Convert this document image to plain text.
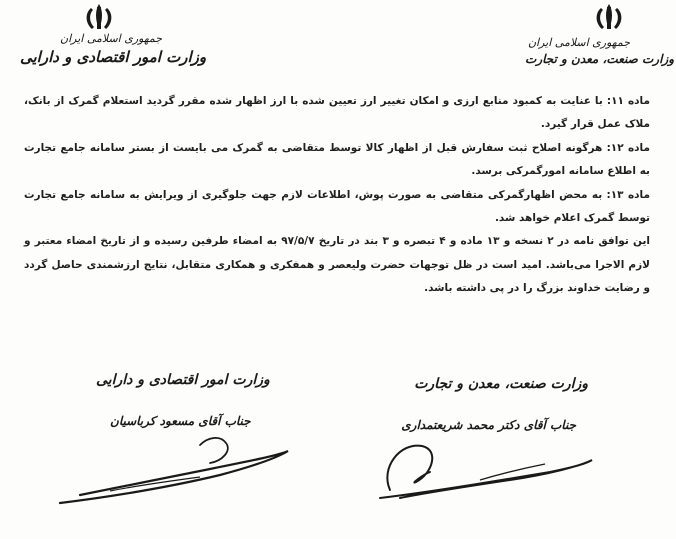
جمهوری اسلامی ایران
وزارت امور اقتصادی و دارایی
جمهوری اسلامی ایران
وزارت صنعت، معدن و تجارت

ماده ۱۱: با عنایت به کمبود منابع ارزی و امکان تغییر ارز تعیین شده با ارز اظهار شده مقرر گردید استعلام گمرک از بانک، ملاک عمل قرار گیرد.

ماده ۱۲: هرگونه اصلاح ثبت سفارش قبل از اظهار کالا توسط متقاضی به گمرک می بایست از بستر سامانه جامع تجارت به اطلاع سامانه امورگمرکی برسد.

ماده ۱۳: به محض اظهارگمرکی متقاضی به صورت پوش، اطلاعات لازم جهت جلوگیری از ویرایش به سامانه جامع تجارت توسط گمرک اعلام خواهد شد.

این توافق نامه در ۲ نسخه و ۱۳ ماده و ۴ تبصره و ۳ بند در تاریخ ۹۷/۵/۷ به امضاء طرفین رسیده و از تاریخ امضاء معتبر و لازم الاجرا می‌باشد. امید است در ظل توجهات حضرت ولیعصر و همفکری و همکاری متقابل، نتایج ارزشمندی حاصل گردد و رضایت خداوند بزرگ را در پی داشته باشد.

وزارت امور اقتصادی و دارایی
جناب آقای مسعود کرباسیان
وزارت صنعت، معدن و تجارت
جناب آقای دکتر محمد شریعتمداری
